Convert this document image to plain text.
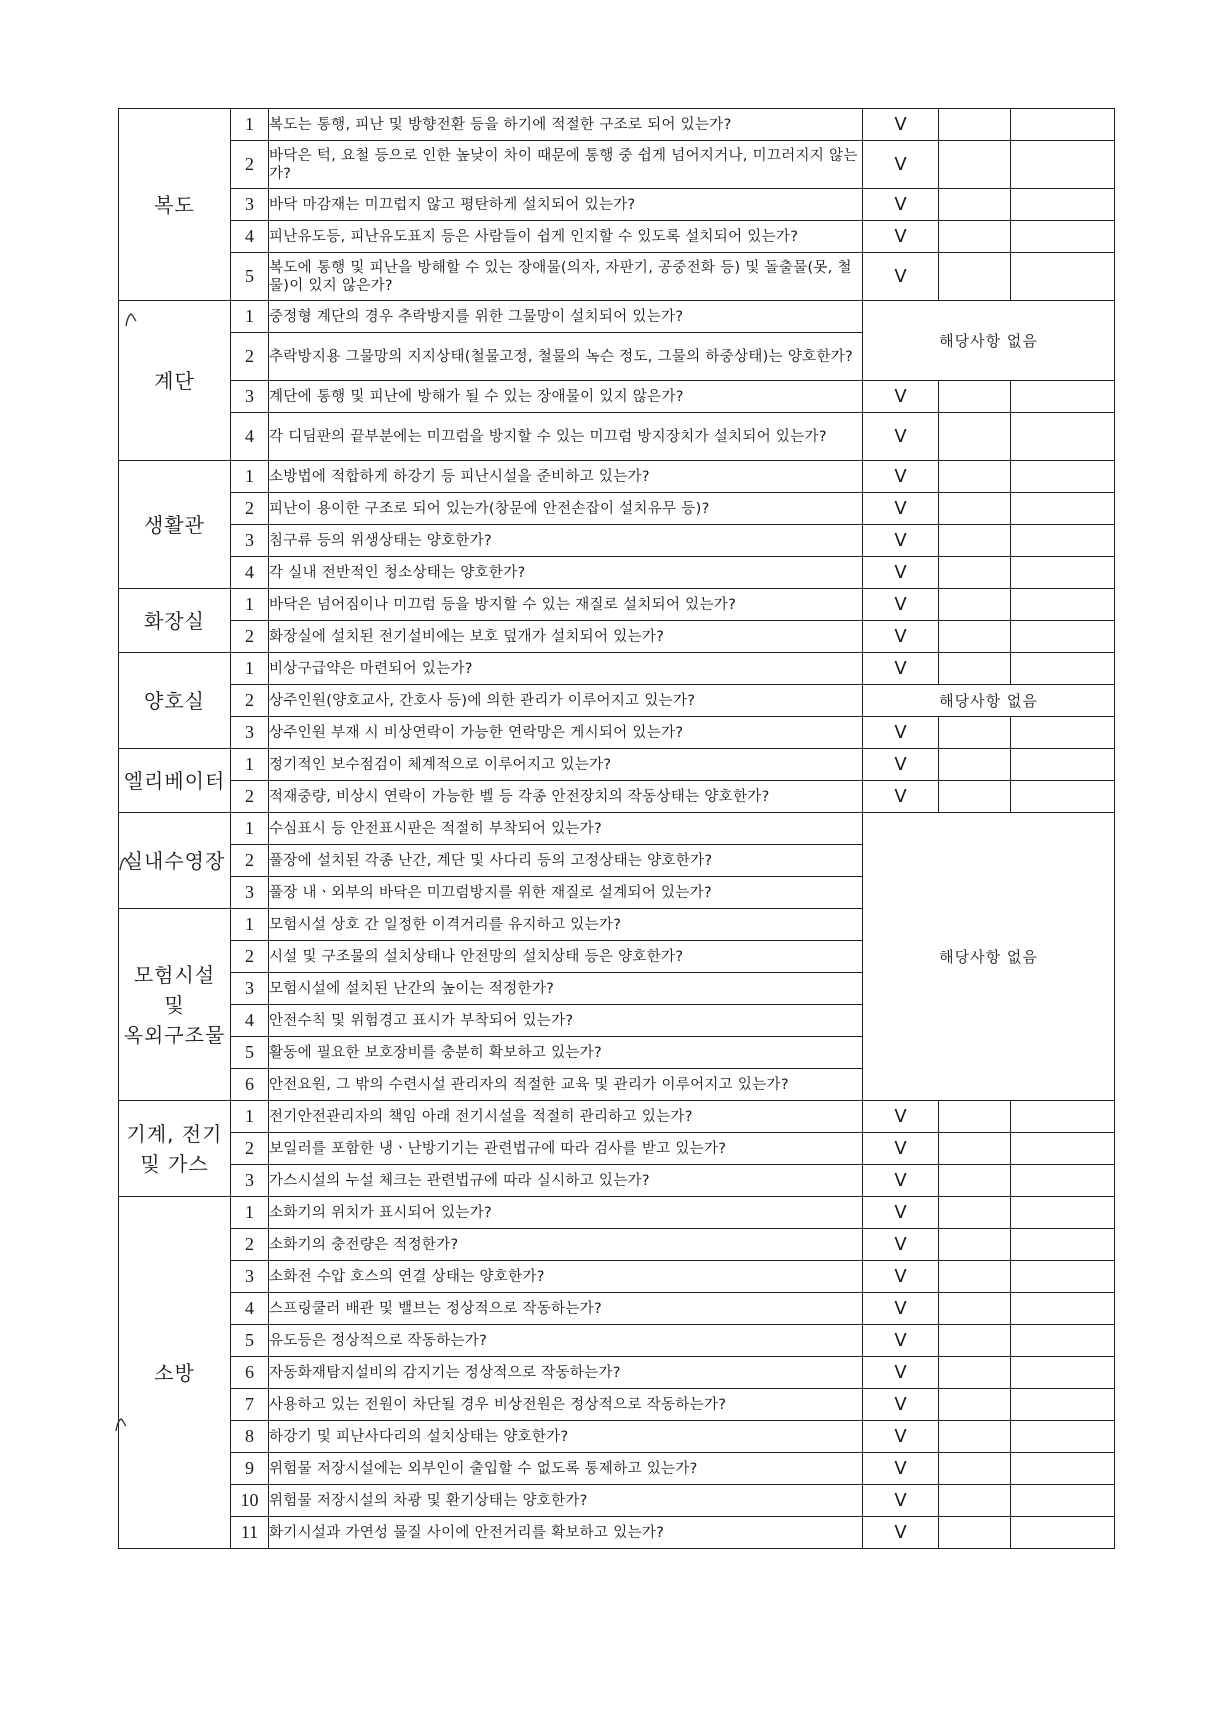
복도	1	복도는 통행, 피난 및 방향전환 등을 하기에 적절한 구조로 되어 있는가?	V		
	2	바닥은 턱, 요철 등으로 인한 높낮이 차이 때문에 통행 중 쉽게 넘어지거나, 미끄러지지 않는가?	V		
	3	바닥 마감재는 미끄럽지 않고 평탄하게 설치되어 있는가?	V		
	4	피난유도등, 피난유도표지 등은 사람들이 쉽게 인지할 수 있도록 설치되어 있는가?	V		
	5	복도에 통행 및 피난을 방해할 수 있는 장애물(의자, 자판기, 공중전화 등) 및 돌출물(못, 철물)이 있지 않은가?	V		
계단	1	중정형 계단의 경우 추락방지를 위한 그물망이 설치되어 있는가?	해당사항 없음		
	2	추락방지용 그물망의 지지상태(철물고정, 철물의 녹슨 정도, 그물의 하중상태)는 양호한가?			
	3	계단에 통행 및 피난에 방해가 될 수 있는 장애물이 있지 않은가?	V		
	4	각 디딤판의 끝부분에는 미끄럼을 방지할 수 있는 미끄럼 방지장치가 설치되어 있는가?	V		
생활관	1	소방법에 적합하게 하강기 등 피난시설을 준비하고 있는가?	V		
	2	피난이 용이한 구조로 되어 있는가(창문에 안전손잡이 설치유무 등)?	V		
	3	침구류 등의 위생상태는 양호한가?	V		
	4	각 실내 전반적인 청소상태는 양호한가?	V		
화장실	1	바닥은 넘어짐이나 미끄럼 등을 방지할 수 있는 재질로 설치되어 있는가?	V		
	2	화장실에 설치된 전기설비에는 보호 덮개가 설치되어 있는가?	V		
양호실	1	비상구급약은 마련되어 있는가?	V		
	2	상주인원(양호교사, 간호사 등)에 의한 관리가 이루어지고 있는가?	해당사항 없음		
	3	상주인원 부재 시 비상연락이 가능한 연락망은 게시되어 있는가?	V		
엘리베이터	1	정기적인 보수점검이 체계적으로 이루어지고 있는가?	V		
	2	적재중량, 비상시 연락이 가능한 벨 등 각종 안전장치의 작동상태는 양호한가?	V		
실내수영장	1	수심표시 등 안전표시판은 적절히 부착되어 있는가?	해당사항 없음		
	2	풀장에 설치된 각종 난간, 계단 및 사다리 등의 고정상태는 양호한가?			
	3	풀장 내ㆍ외부의 바닥은 미끄럼방지를 위한 재질로 설계되어 있는가?			

모험시설
및
옥외구조물	1	모험시설 상호 간 일정한 이격거리를 유지하고 있는가?			
	2	시설 및 구조물의 설치상태나 안전망의 설치상태 등은 양호한가?			
	3	모험시설에 설치된 난간의 높이는 적정한가?			
	4	안전수칙 및 위험경고 표시가 부착되어 있는가?			
	5	활동에 필요한 보호장비를 충분히 확보하고 있는가?			
	6	안전요원, 그 밖의 수련시설 관리자의 적절한 교육 및 관리가 이루어지고 있는가?			

기계, 전기
및 가스	1	전기안전관리자의 책임 아래 전기시설을 적절히 관리하고 있는가?	V		
	2	보일러를 포함한 냉ㆍ난방기기는 관련법규에 따라 검사를 받고 있는가?	V		
	3	가스시설의 누설 체크는 관련법규에 따라 실시하고 있는가?	V		
소방	1	소화기의 위치가 표시되어 있는가?	V		
	2	소화기의 충전량은 적정한가?	V		
	3	소화전 수압 호스의 연결 상태는 양호한가?	V		
	4	스프링쿨러 배관 및 밸브는 정상적으로 작동하는가?	V		
	5	유도등은 정상적으로 작동하는가?	V		
	6	자동화재탐지설비의 감지기는 정상적으로 작동하는가?	V		
	7	사용하고 있는 전원이 차단될 경우 비상전원은 정상적으로 작동하는가?	V		
	8	하강기 및 피난사다리의 설치상태는 양호한가?	V		
	9	위험물 저장시설에는 외부인이 출입할 수 없도록 통제하고 있는가?	V		
	10	위험물 저장시설의 차광 및 환기상태는 양호한가?	V		
	11	화기시설과 가연성 물질 사이에 안전거리를 확보하고 있는가?	V		
